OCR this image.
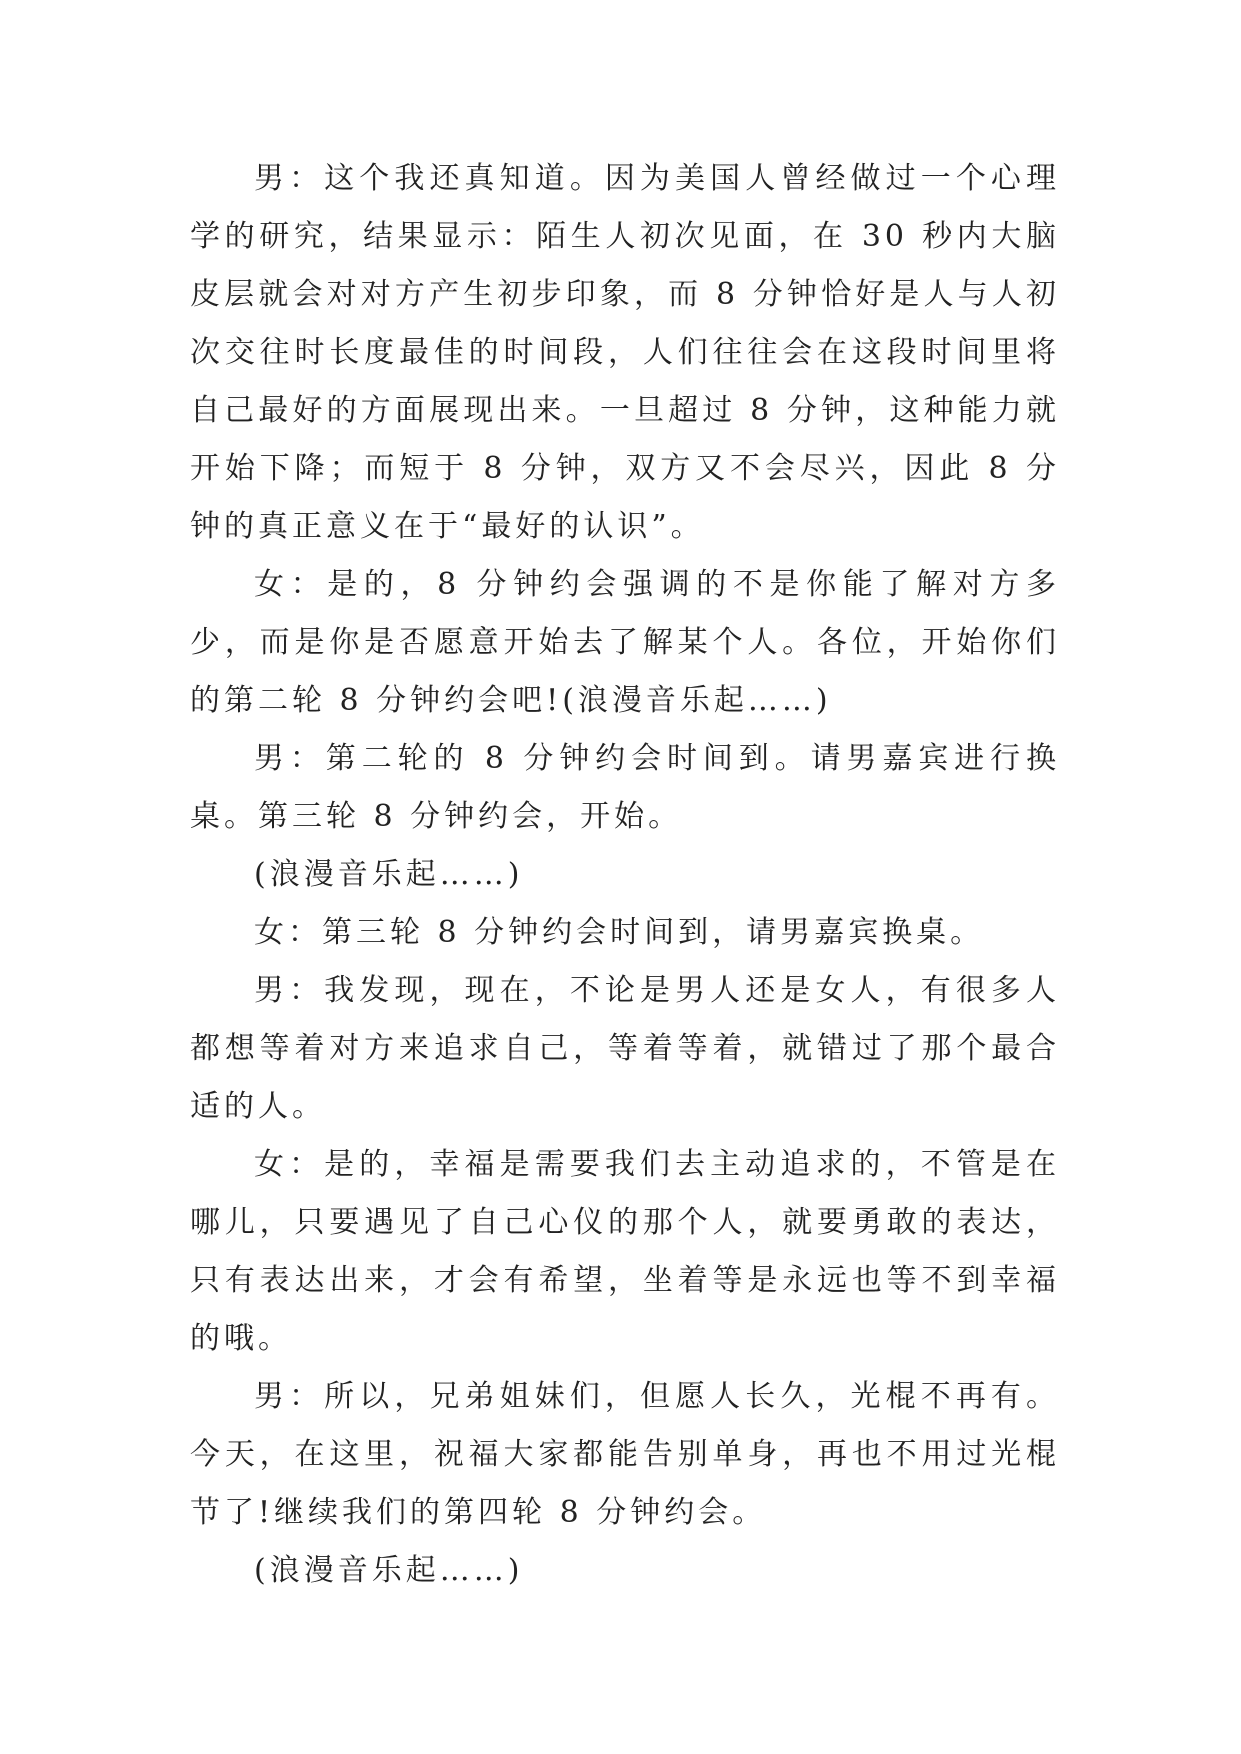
男：这个我还真知道。因为美国人曾经做过一个心理学的研究，结果显示：陌生人初次见面，在 30 秒内大脑皮层就会对对方产生初步印象，而 8 分钟恰好是人与人初次交往时长度最佳的时间段，人们往往会在这段时间里将自己最好的方面展现出来。一旦超过 8 分钟，这种能力就开始下降；而短于 8 分钟，双方又不会尽兴，因此 8 分钟的真正意义在于“最好的认识”。

女：是的，8 分钟约会强调的不是你能了解对方多少，而是你是否愿意开始去了解某个人。各位，开始你们的第二轮 8 分钟约会吧!(浪漫音乐起……)

男：第二轮的 8 分钟约会时间到。请男嘉宾进行换桌。第三轮 8 分钟约会，开始。

(浪漫音乐起……)

女：第三轮 8 分钟约会时间到，请男嘉宾换桌。

男：我发现，现在，不论是男人还是女人，有很多人都想等着对方来追求自己，等着等着，就错过了那个最合适的人。

女：是的，幸福是需要我们去主动追求的，不管是在哪儿，只要遇见了自己心仪的那个人，就要勇敢的表达，只有表达出来，才会有希望，坐着等是永远也等不到幸福的哦。

男：所以，兄弟姐妹们，但愿人长久，光棍不再有。今天，在这里，祝福大家都能告别单身，再也不用过光棍节了!继续我们的第四轮 8 分钟约会。

(浪漫音乐起……)
